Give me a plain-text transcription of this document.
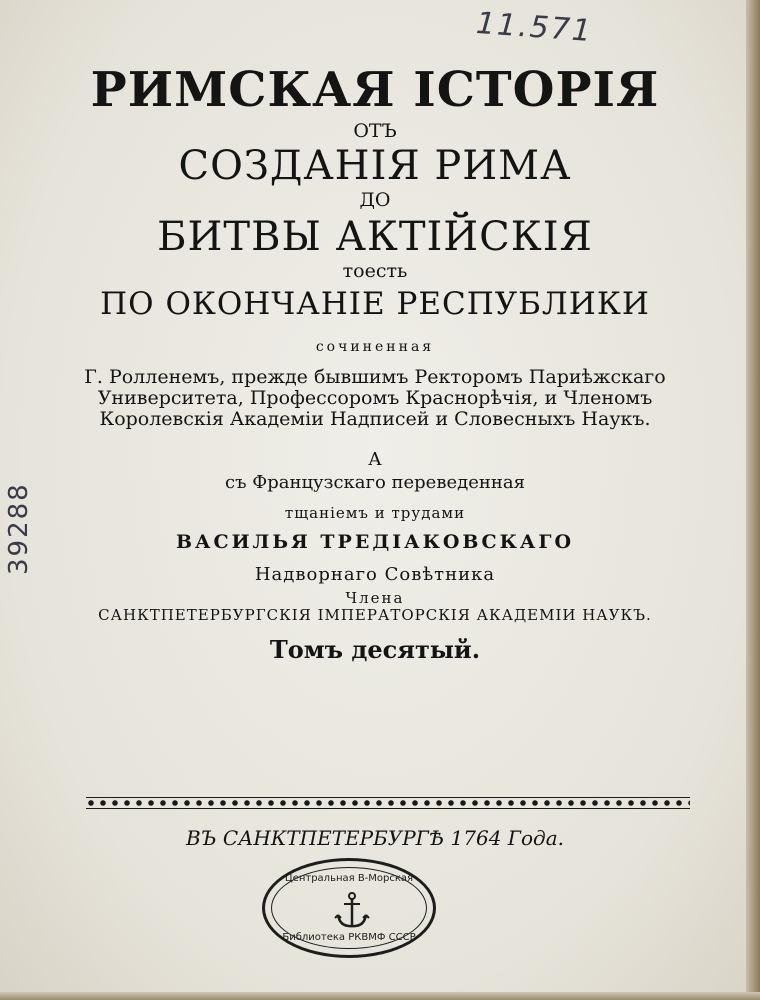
11.571
39288
РИМСКАЯ ІСТОРІЯ
ОТЪ
СОЗДАНІЯ РИМА
ДО
БИТВЫ АКТІЙСКІЯ
тоесть
ПО ОКОНЧАНІЕ РЕСПУБЛИКИ
сочиненная
Г. Ролленемъ, прежде бывшимъ Ректоромъ Париѣжскаго
Университета, Профессоромъ Краснорѣчія, и Членомъ
Королевскія Академіи Надписей и Словесныхъ Наукъ.
А
съ Французскаго переведенная
тщаніемъ и трудами
ВАСИЛЬЯ ТРЕДІАКОВСКАГО
Надворнаго Совѣтника
Члена
САНКТПЕТЕРБУРГСКІЯ ІМПЕРАТОРСКІЯ АКАДЕМІИ НАУКЪ.
Томъ десятый.
ВЪ САНКТПЕТЕРБУРГѢ 1764 Года.
Центральная В-Морская
Библиотека РКВМФ СССР
